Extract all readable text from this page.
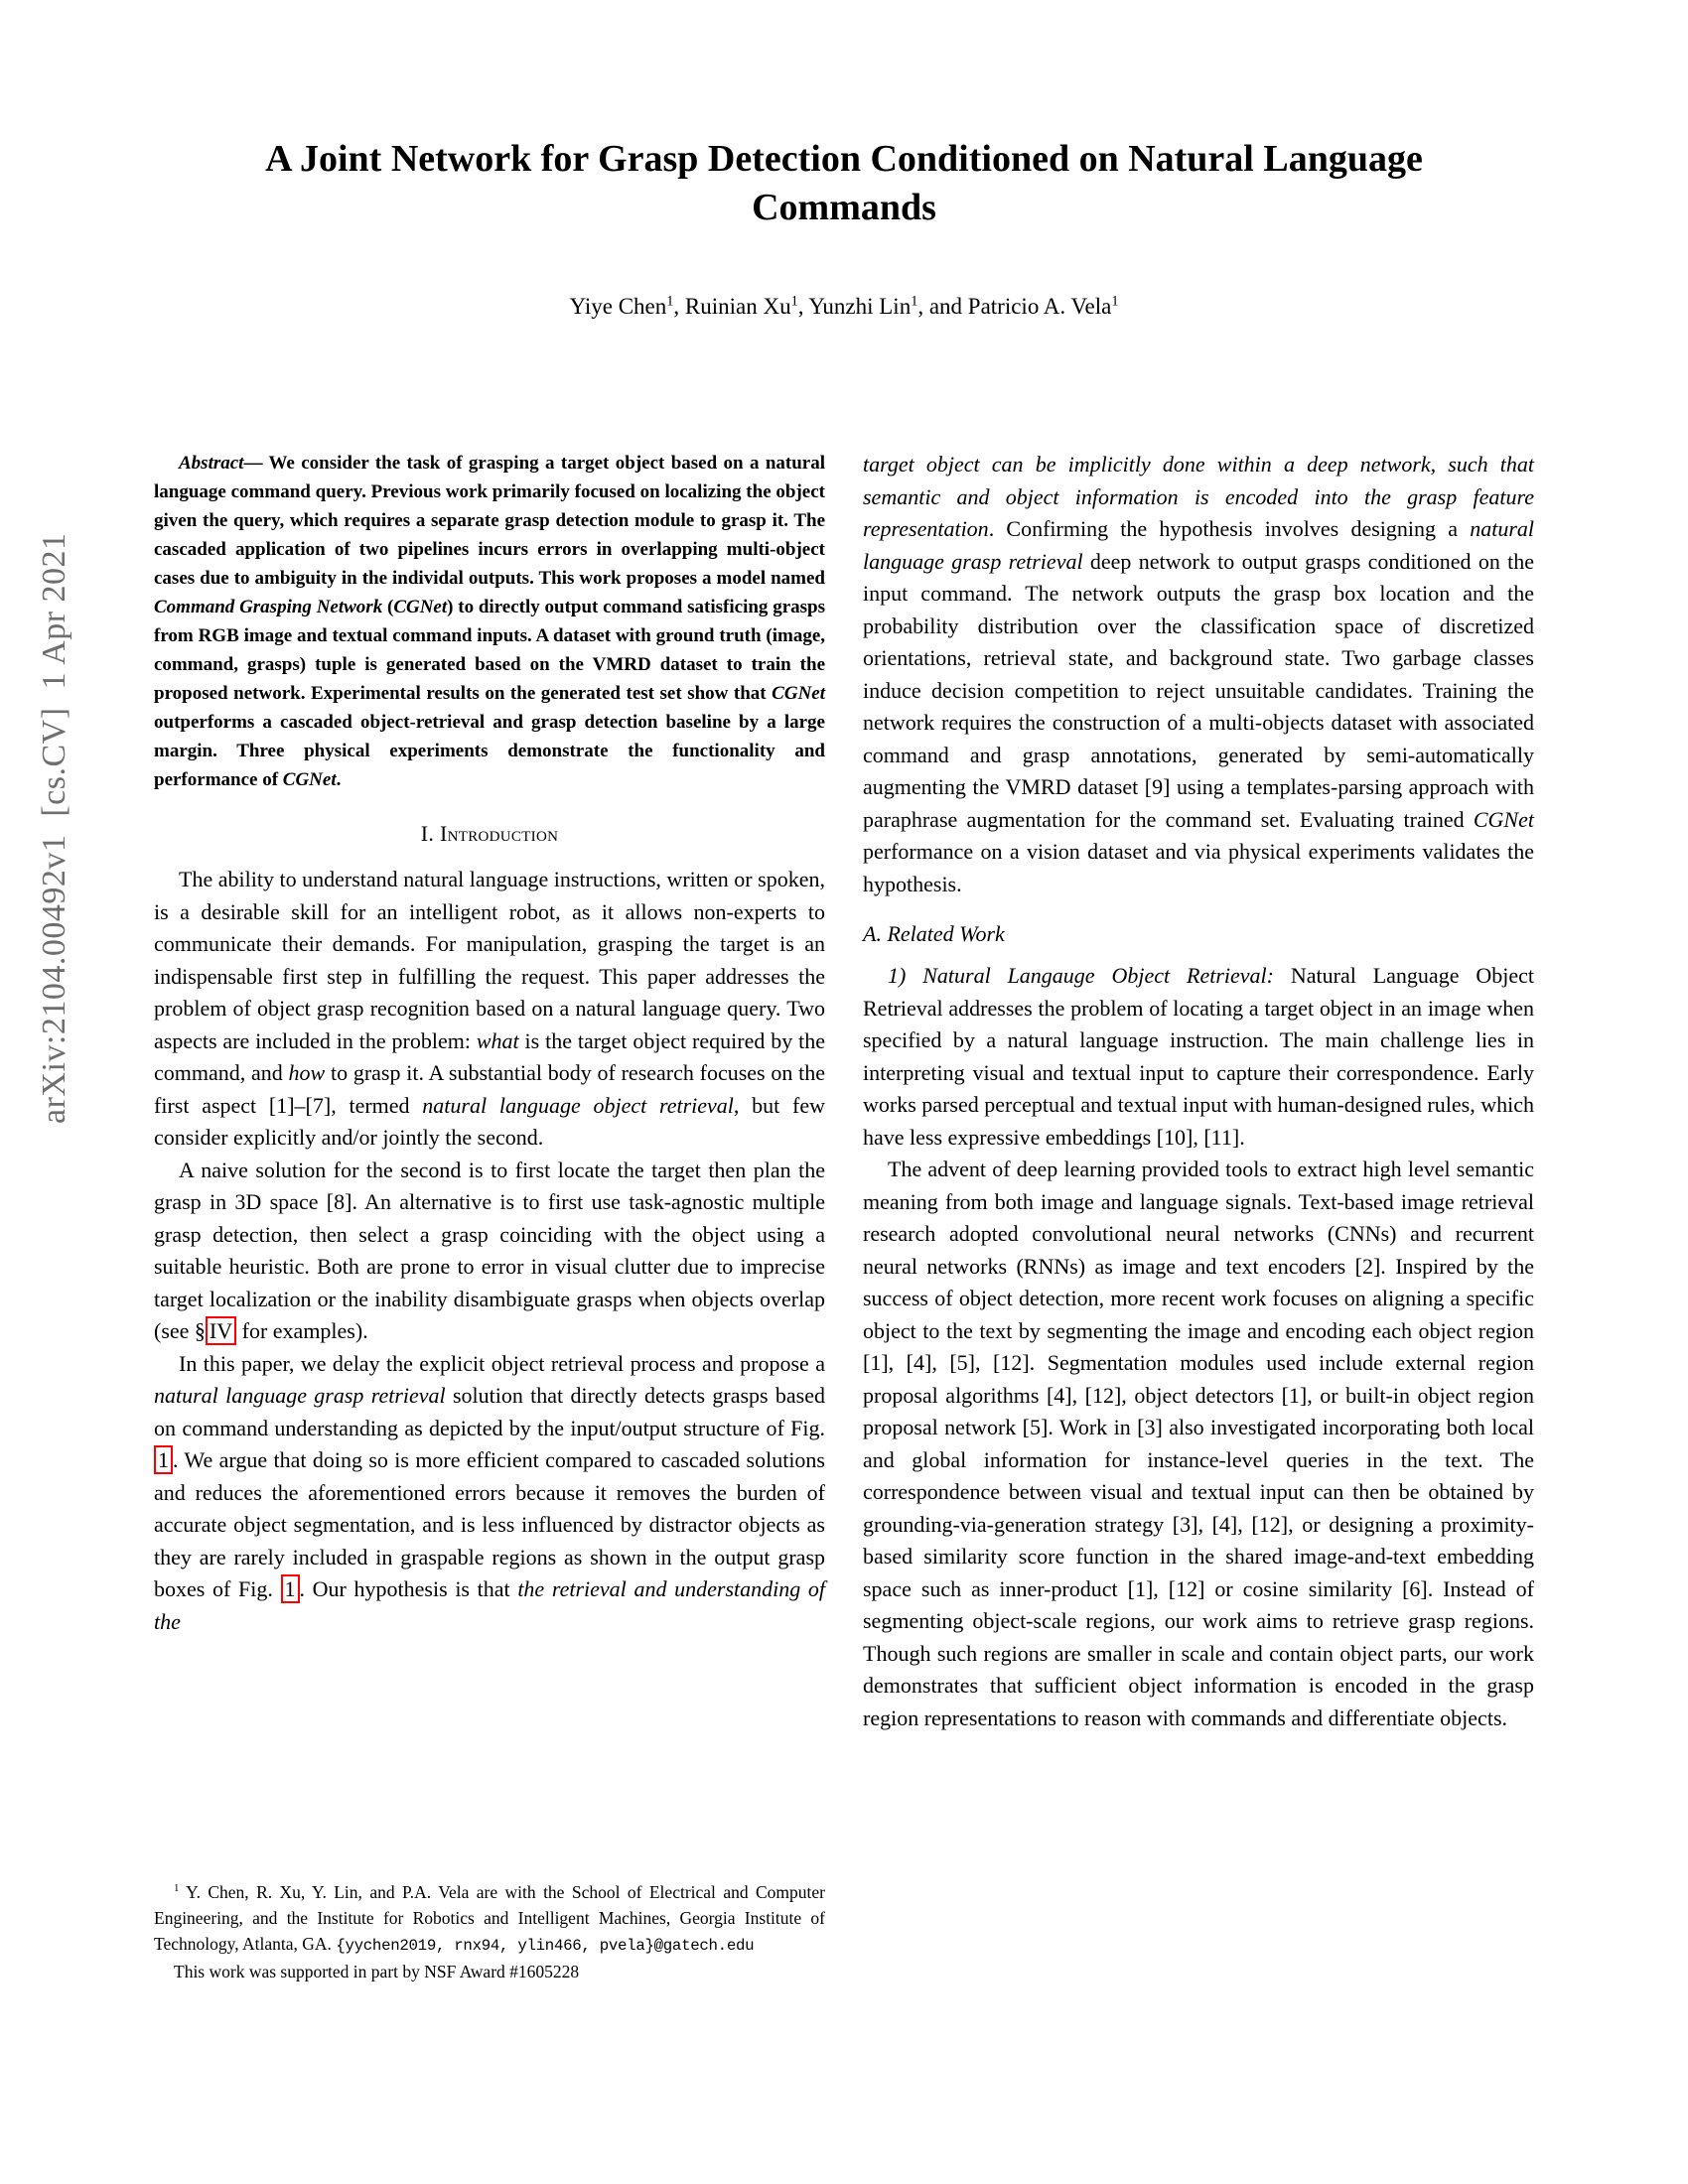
arXiv:2104.00492v1  [cs.CV]  1 Apr 2021
A Joint Network for Grasp Detection Conditioned on Natural Language
Commands
Yiye Chen$^1$, Ruinian Xu$^1$, Yunzhi Lin$^1$, and Patricio A. Vela$^1$
Abstract— We consider the task of grasping a target object based on a natural language command query. Previous work primarily focused on localizing the object given the query, which requires a separate grasp detection module to grasp it. The cascaded application of two pipelines incurs errors in overlapping multi-object cases due to ambiguity in the individal outputs. This work proposes a model named Command Grasping Network (CGNet) to directly output command satisficing grasps from RGB image and textual command inputs. A dataset with ground truth (image, command, grasps) tuple is generated based on the VMRD dataset to train the proposed network. Experimental results on the generated test set show that CGNet outperforms a cascaded object-retrieval and grasp detection baseline by a large margin. Three physical experiments demonstrate the functionality and performance of CGNet.
I. Introduction
The ability to understand natural language instructions, written or spoken, is a desirable skill for an intelligent robot, as it allows non-experts to communicate their demands. For manipulation, grasping the target is an indispensable first step in fulfilling the request. This paper addresses the problem of object grasp recognition based on a natural language query. Two aspects are included in the problem: what is the target object required by the command, and how to grasp it. A substantial body of research focuses on the first aspect [1]–[7], termed natural language object retrieval, but few consider explicitly and/or jointly the second.
A naive solution for the second is to first locate the target then plan the grasp in 3D space [8]. An alternative is to first use task-agnostic multiple grasp detection, then select a grasp coinciding with the object using a suitable heuristic. Both are prone to error in visual clutter due to imprecise target localization or the inability disambiguate grasps when objects overlap (see § IV for examples).
In this paper, we delay the explicit object retrieval process and propose a natural language grasp retrieval solution that directly detects grasps based on command understanding as depicted by the input/output structure of Fig. 1 . We argue that doing so is more efficient compared to cascaded solutions and reduces the aforementioned errors because it removes the burden of accurate object segmentation, and is less influenced by distractor objects as they are rarely included in graspable regions as shown in the output grasp boxes of Fig. 1 . Our hypothesis is that the retrieval and understanding of the
target object can be implicitly done within a deep network, such that semantic and object information is encoded into the grasp feature representation. Confirming the hypothesis involves designing a natural language grasp retrieval deep network to output grasps conditioned on the input command. The network outputs the grasp box location and the probability distribution over the classification space of discretized orientations, retrieval state, and background state. Two garbage classes induce decision competition to reject unsuitable candidates. Training the network requires the construction of a multi-objects dataset with associated command and grasp annotations, generated by semi-automatically augmenting the VMRD dataset [9] using a templates-parsing approach with paraphrase augmentation for the command set. Evaluating trained CGNet performance on a vision dataset and via physical experiments validates the hypothesis.
A. Related Work
1) Natural Langauge Object Retrieval: Natural Language Object Retrieval addresses the problem of locating a target object in an image when specified by a natural language instruction. The main challenge lies in interpreting visual and textual input to capture their correspondence. Early works parsed perceptual and textual input with human-designed rules, which have less expressive embeddings [10], [11].
The advent of deep learning provided tools to extract high level semantic meaning from both image and language signals. Text-based image retrieval research adopted convolutional neural networks (CNNs) and recurrent neural networks (RNNs) as image and text encoders [2]. Inspired by the success of object detection, more recent work focuses on aligning a specific object to the text by segmenting the image and encoding each object region [1], [4], [5], [12]. Segmentation modules used include external region proposal algorithms [4], [12], object detectors [1], or built-in object region proposal network [5]. Work in [3] also investigated incorporating both local and global information for instance-level queries in the text. The correspondence between visual and textual input can then be obtained by grounding-via-generation strategy [3], [4], [12], or designing a proximity-based similarity score function in the shared image-and-text embedding space such as inner-product [1], [12] or cosine similarity [6]. Instead of segmenting object-scale regions, our work aims to retrieve grasp regions. Though such regions are smaller in scale and contain object parts, our work demonstrates that sufficient object information is encoded in the grasp region representations to reason with commands and differentiate objects.
$^1$ Y. Chen, R. Xu, Y. Lin, and P.A. Vela are with the School of Electrical and Computer Engineering, and the Institute for Robotics and Intelligent Machines, Georgia Institute of Technology, Atlanta, GA. {yychen2019, rnx94, ylin466, pvela}@gatech.edu
This work was supported in part by NSF Award #1605228
